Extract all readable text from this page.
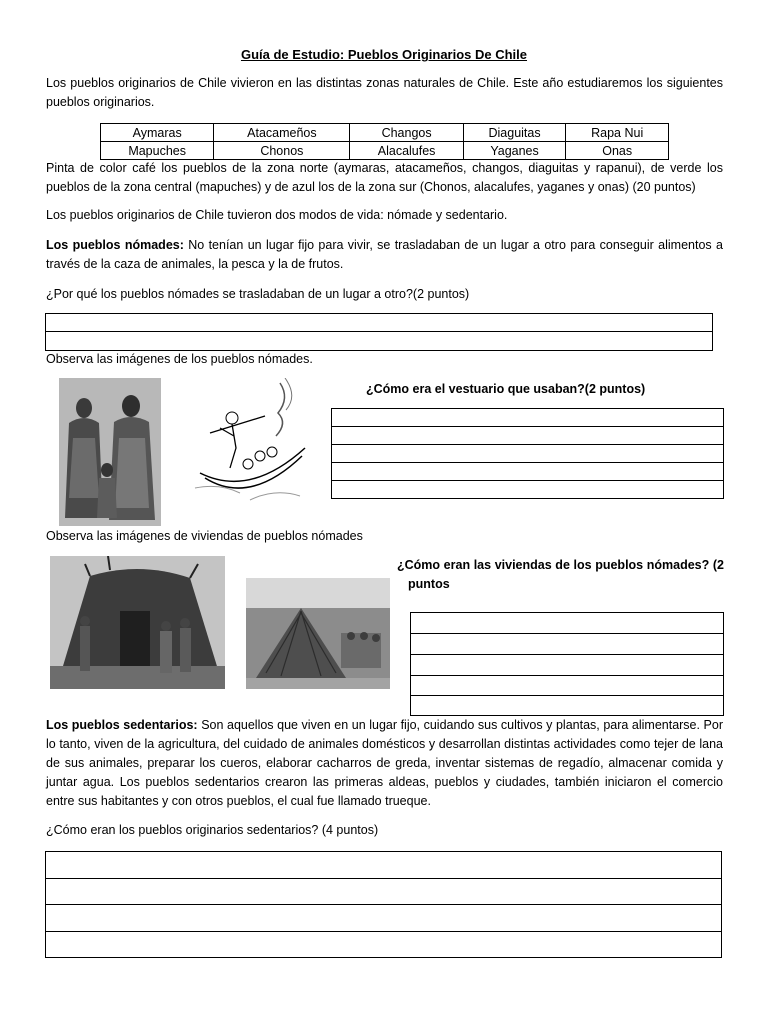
Guía de Estudio: Pueblos Originarios De Chile
Los pueblos originarios de Chile vivieron en las distintas zonas naturales de Chile. Este año estudiaremos los siguientes pueblos originarios.
Aymaras	Atacameños	Changos	Diaguitas	Rapa Nui
Mapuches	Chonos	Alacalufes	Yaganes	Onas
Pinta de color café los pueblos de la zona norte (aymaras, atacameños, changos, diaguitas y rapanui), de verde los pueblos de la zona central (mapuches) y de azul los de la zona sur (Chonos, alacalufes, yaganes y onas) (20 puntos)
Los pueblos originarios de Chile tuvieron dos modos de vida: nómade y sedentario.
Los pueblos nómades: No tenían un lugar fijo para vivir, se trasladaban de un lugar a otro para conseguir alimentos a través de la caza de animales, la pesca y la de frutos.
¿Por qué los pueblos nómades se trasladaban de un lugar a otro?(2 puntos)
Observa las imágenes de los pueblos nómades.
¿Cómo era el vestuario que usaban?(2 puntos)
Observa las imágenes de viviendas de pueblos nómades
¿Cómo eran las viviendas de los pueblos nómades? (2
puntos
Los pueblos sedentarios: Son aquellos que viven en un lugar fijo, cuidando sus cultivos y plantas, para alimentarse. Por lo tanto, viven de la agricultura, del cuidado de animales domésticos y desarrollan distintas actividades como tejer de lana de sus animales, preparar los cueros, elaborar cacharros de greda, inventar sistemas de regadío, almacenar comida y juntar agua. Los pueblos sedentarios crearon las primeras aldeas, pueblos y ciudades, también iniciaron el comercio entre sus habitantes y con otros pueblos, el cual fue llamado trueque.
¿Cómo eran los pueblos originarios sedentarios? (4 puntos)
